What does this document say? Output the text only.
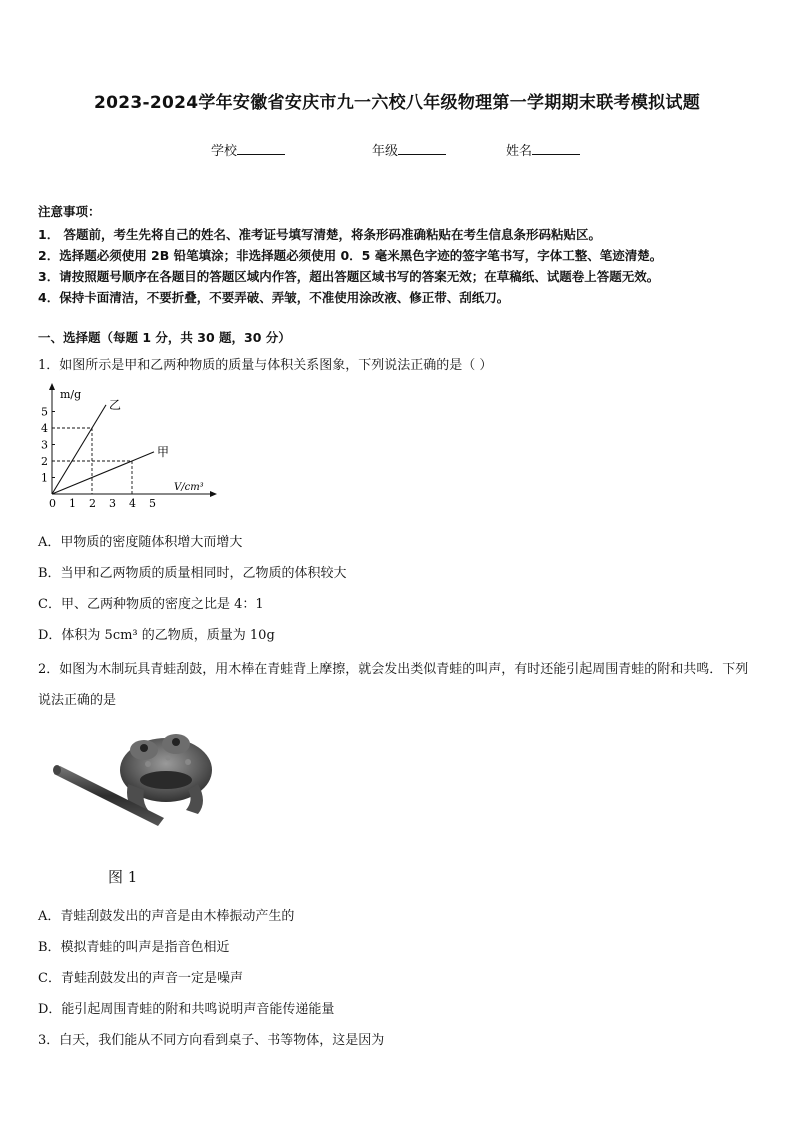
2023-2024学年安徽省安庆市九一六校八年级物理第一学期期末联考模拟试题
学校	年级	姓名
注意事项：
1． 答题前，考生先将自己的姓名、准考证号填写清楚，将条形码准确粘贴在考生信息条形码粘贴区。
2．选择题必须使用 2B 铅笔填涂；非选择题必须使用 0．5 毫米黑色字迹的签字笔书写，字体工整、笔迹清楚。
3．请按照题号顺序在各题目的答题区域内作答，超出答题区域书写的答案无效；在草稿纸、试题卷上答题无效。
4．保持卡面清洁，不要折叠，不要弄破、弄皱，不准使用涂改液、修正带、刮纸刀。
一、选择题（每题 1 分，共 30 题，30 分）
1．如图所示是甲和乙两种物质的质量与体积关系图象，下列说法正确的是（ ）
m/g
V/cm³
0 1 2 3 4 5
1
2
3
4
5
乙
甲
A．甲物质的密度随体积增大而增大
B．当甲和乙两物质的质量相同时，乙物质的体积较大
C．甲、乙两种物质的密度之比是 4：1
D．体积为 5cm³ 的乙物质，质量为 10g
2．如图为木制玩具青蛙刮鼓，用木棒在青蛙背上摩擦，就会发出类似青蛙的叫声，有时还能引起周围青蛙的附和共鸣．下列说法正确的是
图 1
A．青蛙刮鼓发出的声音是由木棒振动产生的
B．模拟青蛙的叫声是指音色相近
C．青蛙刮鼓发出的声音一定是噪声
D．能引起周围青蛙的附和共鸣说明声音能传递能量
3．白天，我们能从不同方向看到桌子、书等物体，这是因为
